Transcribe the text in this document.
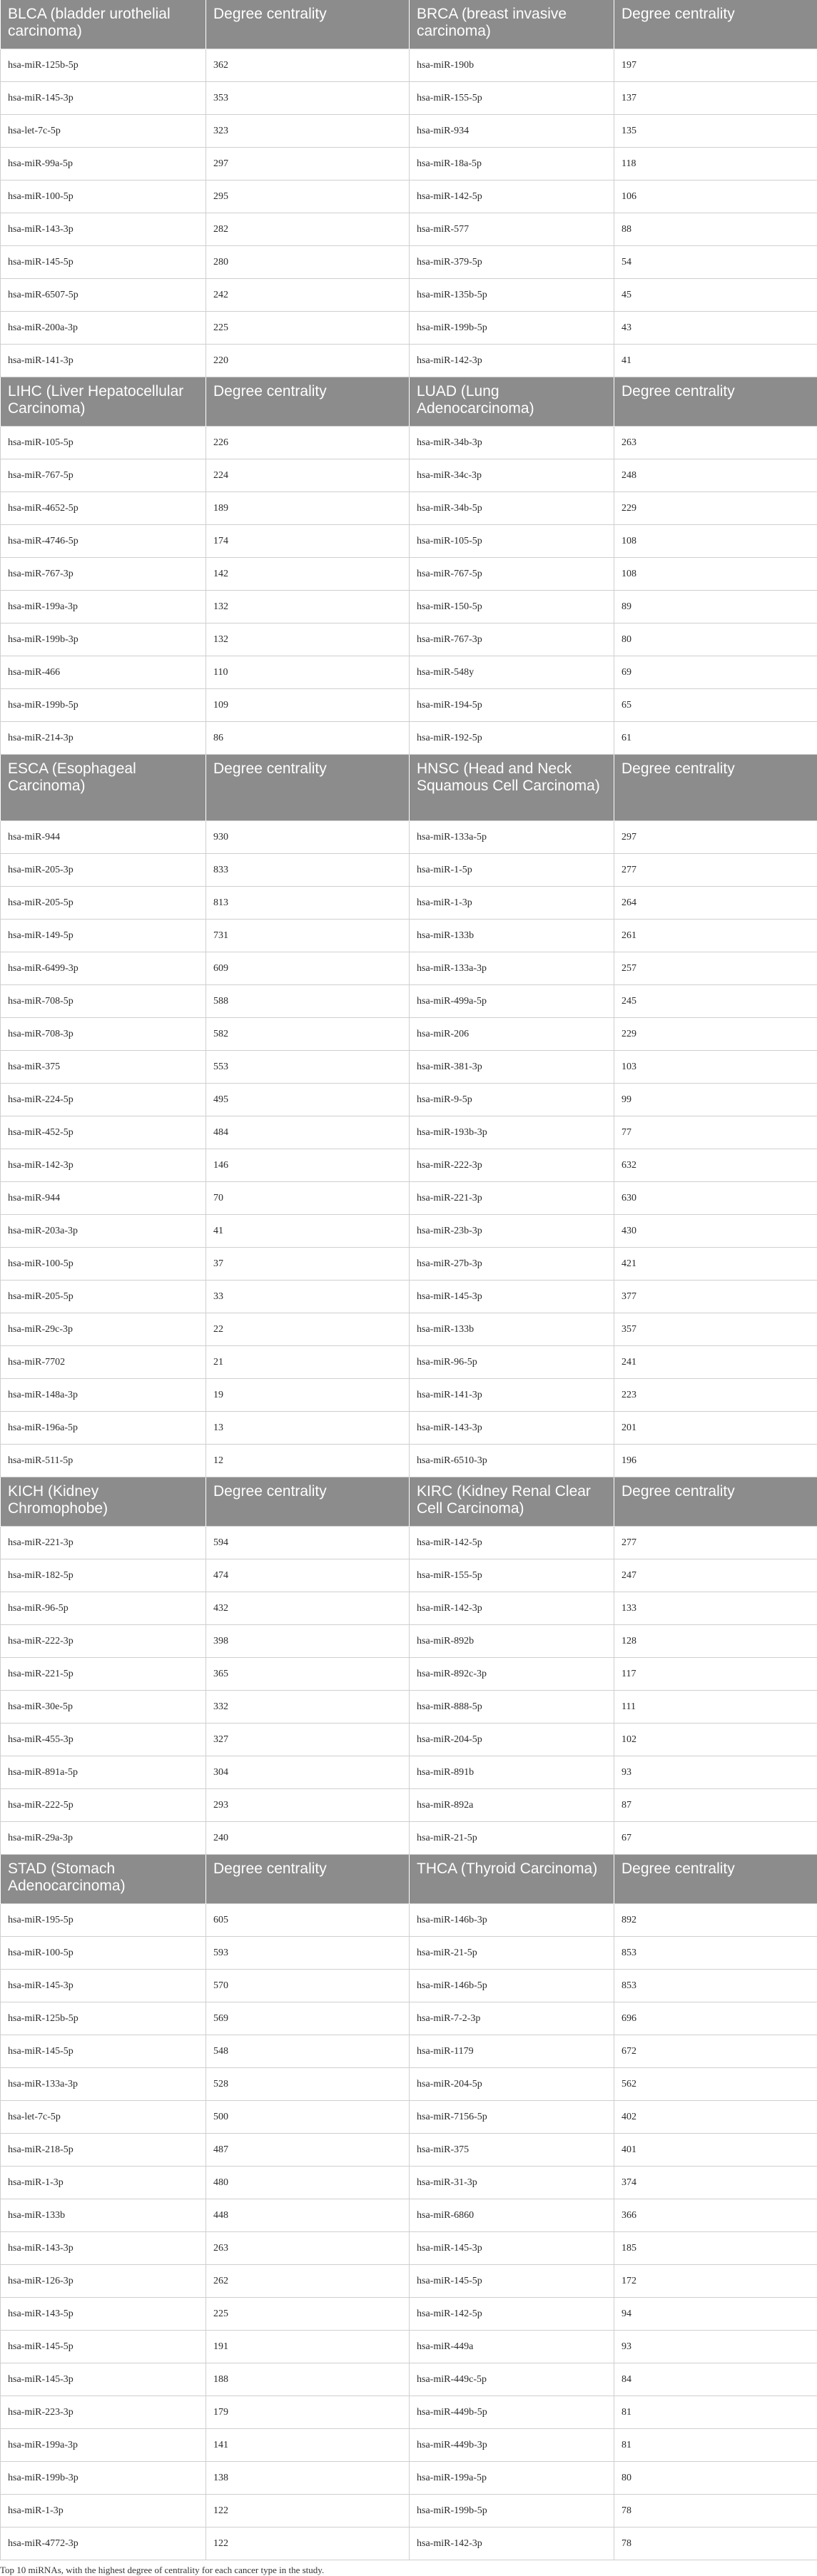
BLCA (bladder urothelial carcinoma)	Degree centrality	BRCA (breast invasive carcinoma)	Degree centrality
hsa-miR-125b-5p	362	hsa-miR-190b	197
hsa-miR-145-3p	353	hsa-miR-155-5p	137
hsa-let-7c-5p	323	hsa-miR-934	135
hsa-miR-99a-5p	297	hsa-miR-18a-5p	118
hsa-miR-100-5p	295	hsa-miR-142-5p	106
hsa-miR-143-3p	282	hsa-miR-577	88
hsa-miR-145-5p	280	hsa-miR-379-5p	54
hsa-miR-6507-5p	242	hsa-miR-135b-5p	45
hsa-miR-200a-3p	225	hsa-miR-199b-5p	43
hsa-miR-141-3p	220	hsa-miR-142-3p	41
LIHC (Liver Hepatocellular Carcinoma)	Degree centrality	LUAD (Lung Adenocarcinoma)	Degree centrality
hsa-miR-105-5p	226	hsa-miR-34b-3p	263
hsa-miR-767-5p	224	hsa-miR-34c-3p	248
hsa-miR-4652-5p	189	hsa-miR-34b-5p	229
hsa-miR-4746-5p	174	hsa-miR-105-5p	108
hsa-miR-767-3p	142	hsa-miR-767-5p	108
hsa-miR-199a-3p	132	hsa-miR-150-5p	89
hsa-miR-199b-3p	132	hsa-miR-767-3p	80
hsa-miR-466	110	hsa-miR-548y	69
hsa-miR-199b-5p	109	hsa-miR-194-5p	65
hsa-miR-214-3p	86	hsa-miR-192-5p	61
ESCA (Esophageal Carcinoma)	Degree centrality	HNSC (Head and Neck Squamous Cell Carcinoma)	Degree centrality
hsa-miR-944	930	hsa-miR-133a-5p	297
hsa-miR-205-3p	833	hsa-miR-1-5p	277
hsa-miR-205-5p	813	hsa-miR-1-3p	264
hsa-miR-149-5p	731	hsa-miR-133b	261
hsa-miR-6499-3p	609	hsa-miR-133a-3p	257
hsa-miR-708-5p	588	hsa-miR-499a-5p	245
hsa-miR-708-3p	582	hsa-miR-206	229
hsa-miR-375	553	hsa-miR-381-3p	103
hsa-miR-224-5p	495	hsa-miR-9-5p	99
hsa-miR-452-5p	484	hsa-miR-193b-3p	77
hsa-miR-142-3p	146	hsa-miR-222-3p	632
hsa-miR-944	70	hsa-miR-221-3p	630
hsa-miR-203a-3p	41	hsa-miR-23b-3p	430
hsa-miR-100-5p	37	hsa-miR-27b-3p	421
hsa-miR-205-5p	33	hsa-miR-145-3p	377
hsa-miR-29c-3p	22	hsa-miR-133b	357
hsa-miR-7702	21	hsa-miR-96-5p	241
hsa-miR-148a-3p	19	hsa-miR-141-3p	223
hsa-miR-196a-5p	13	hsa-miR-143-3p	201
hsa-miR-511-5p	12	hsa-miR-6510-3p	196
KICH (Kidney Chromophobe)	Degree centrality	KIRC (Kidney Renal Clear Cell Carcinoma)	Degree centrality
hsa-miR-221-3p	594	hsa-miR-142-5p	277
hsa-miR-182-5p	474	hsa-miR-155-5p	247
hsa-miR-96-5p	432	hsa-miR-142-3p	133
hsa-miR-222-3p	398	hsa-miR-892b	128
hsa-miR-221-5p	365	hsa-miR-892c-3p	117
hsa-miR-30e-5p	332	hsa-miR-888-5p	111
hsa-miR-455-3p	327	hsa-miR-204-5p	102
hsa-miR-891a-5p	304	hsa-miR-891b	93
hsa-miR-222-5p	293	hsa-miR-892a	87
hsa-miR-29a-3p	240	hsa-miR-21-5p	67
STAD (Stomach Adenocarcinoma)	Degree centrality	THCA (Thyroid Carcinoma)	Degree centrality
hsa-miR-195-5p	605	hsa-miR-146b-3p	892
hsa-miR-100-5p	593	hsa-miR-21-5p	853
hsa-miR-145-3p	570	hsa-miR-146b-5p	853
hsa-miR-125b-5p	569	hsa-miR-7-2-3p	696
hsa-miR-145-5p	548	hsa-miR-1179	672
hsa-miR-133a-3p	528	hsa-miR-204-5p	562
hsa-let-7c-5p	500	hsa-miR-7156-5p	402
hsa-miR-218-5p	487	hsa-miR-375	401
hsa-miR-1-3p	480	hsa-miR-31-3p	374
hsa-miR-133b	448	hsa-miR-6860	366
hsa-miR-143-3p	263	hsa-miR-145-3p	185
hsa-miR-126-3p	262	hsa-miR-145-5p	172
hsa-miR-143-5p	225	hsa-miR-142-5p	94
hsa-miR-145-5p	191	hsa-miR-449a	93
hsa-miR-145-3p	188	hsa-miR-449c-5p	84
hsa-miR-223-3p	179	hsa-miR-449b-5p	81
hsa-miR-199a-3p	141	hsa-miR-449b-3p	81
hsa-miR-199b-3p	138	hsa-miR-199a-5p	80
hsa-miR-1-3p	122	hsa-miR-199b-5p	78
hsa-miR-4772-3p	122	hsa-miR-142-3p	78
Top 10 miRNAs, with the highest degree of centrality for each cancer type in the study.
